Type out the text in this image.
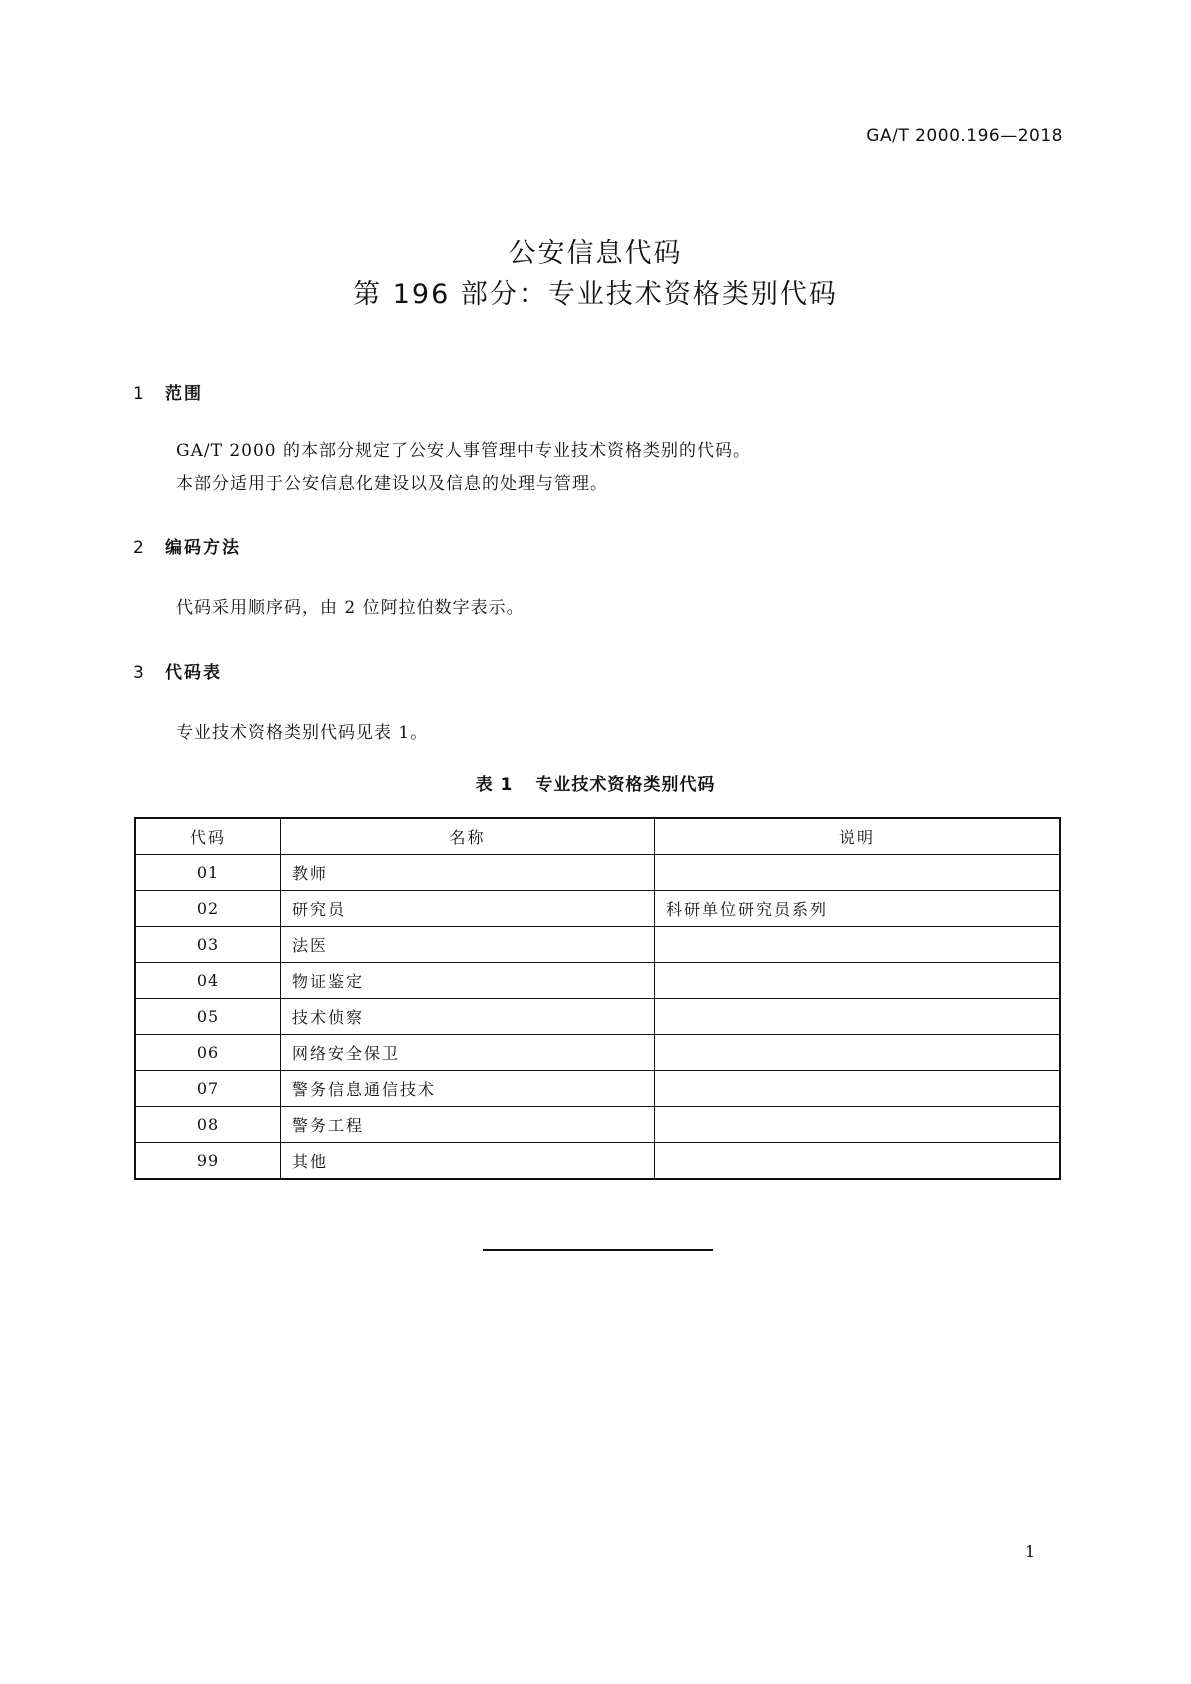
GA/T 2000.196—2018
公安信息代码
第 196 部分：专业技术资格类别代码
1 范围
GA/T 2000 的本部分规定了公安人事管理中专业技术资格类别的代码。
本部分适用于公安信息化建设以及信息的处理与管理。
2 编码方法
代码采用顺序码，由 2 位阿拉伯数字表示。
3 代码表
专业技术资格类别代码见表 1。
表 1 专业技术资格类别代码
代码	名称	说明
01	教师	
02	研究员	科研单位研究员系列
03	法医	
04	物证鉴定	
05	技术侦察	
06	网络安全保卫	
07	警务信息通信技术	
08	警务工程	
99	其他	
1
